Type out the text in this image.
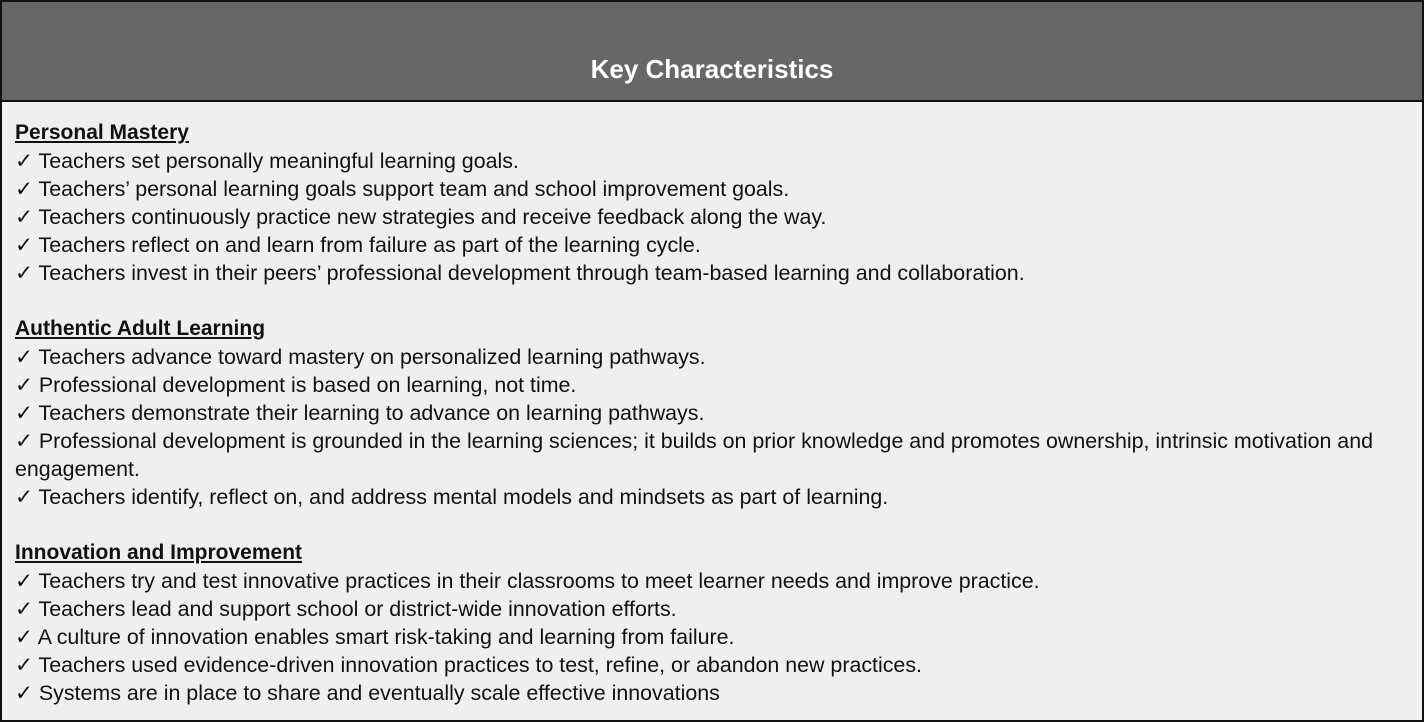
Key Characteristics
Personal Mastery
✓ Teachers set personally meaningful learning goals.
✓ Teachers’ personal learning goals support team and school improvement goals.
✓ Teachers continuously practice new strategies and receive feedback along the way.
✓ Teachers reflect on and learn from failure as part of the learning cycle.
✓ Teachers invest in their peers’ professional development through team-based learning and collaboration.
Authentic Adult Learning
✓ Teachers advance toward mastery on personalized learning pathways.
✓ Professional development is based on learning, not time.
✓ Teachers demonstrate their learning to advance on learning pathways.
✓ Professional development is grounded in the learning sciences; it builds on prior knowledge and promotes ownership, intrinsic motivation and engagement.
✓ Teachers identify, reflect on, and address mental models and mindsets as part of learning.
Innovation and Improvement
✓ Teachers try and test innovative practices in their classrooms to meet learner needs and improve practice.
✓ Teachers lead and support school or district-wide innovation efforts.
✓ A culture of innovation enables smart risk-taking and learning from failure.
✓ Teachers used evidence-driven innovation practices to test, refine, or abandon new practices.
✓ Systems are in place to share and eventually scale effective innovations
